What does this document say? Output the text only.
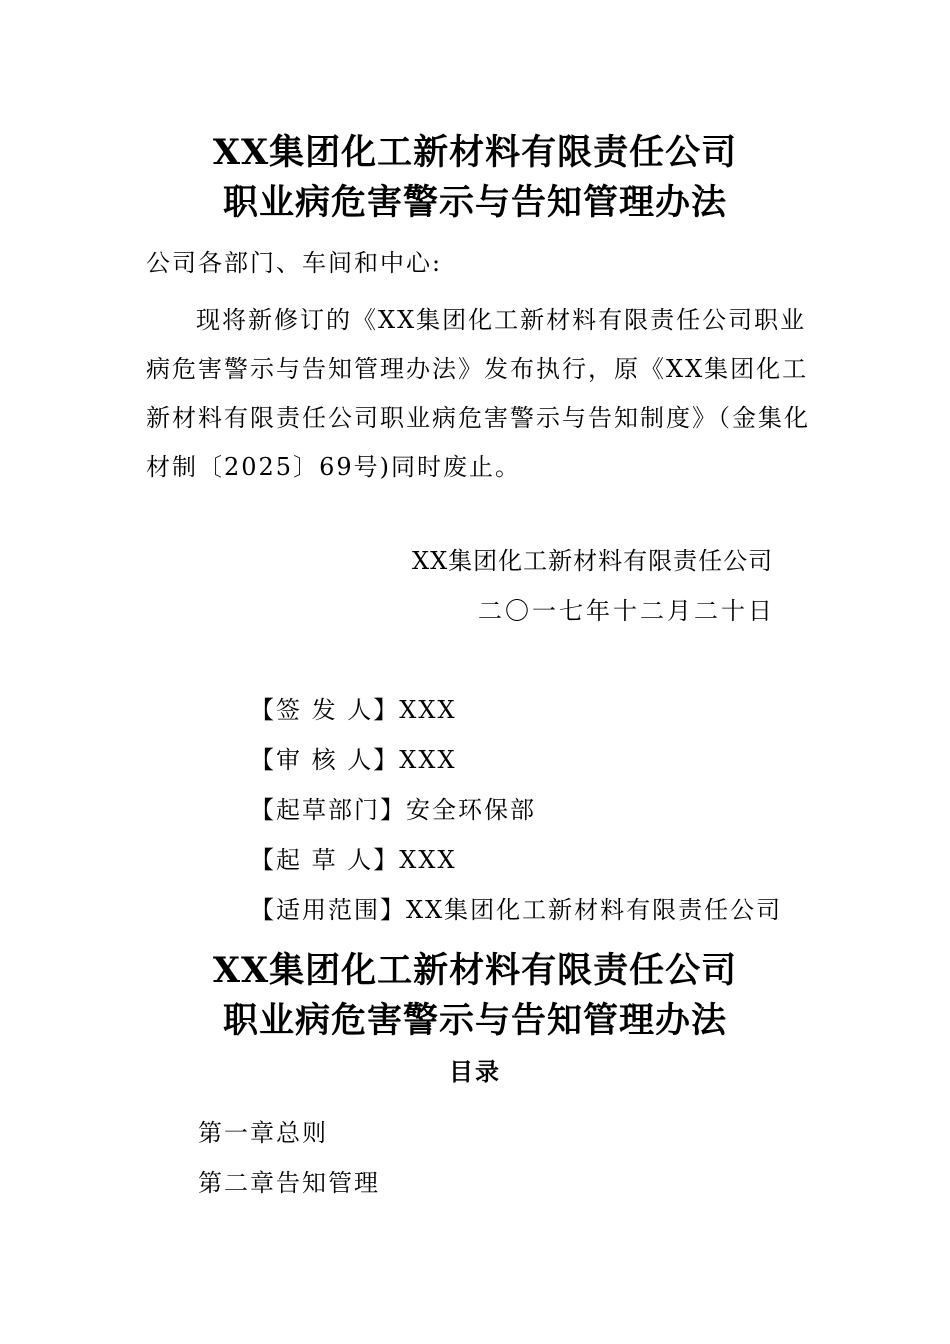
XX集团化工新材料有限责任公司
职业病危害警示与告知管理办法
公司各部门、车间和中心:
现将新修订的《XX集团化工新材料有限责任公司职业
病危害警示与告知管理办法》发布执行，原《XX集团化工
新材料有限责任公司职业病危害警示与告知制度》（金集化
材制〔2025〕69号)同时废止。
XX集团化工新材料有限责任公司
二〇一七年十二月二十日
【签 发 人】XXX
【审 核 人】XXX
【起草部门】安全环保部
【起 草 人】XXX
【适用范围】XX集团化工新材料有限责任公司
XX集团化工新材料有限责任公司
职业病危害警示与告知管理办法
目录
第一章总则
第二章告知管理
